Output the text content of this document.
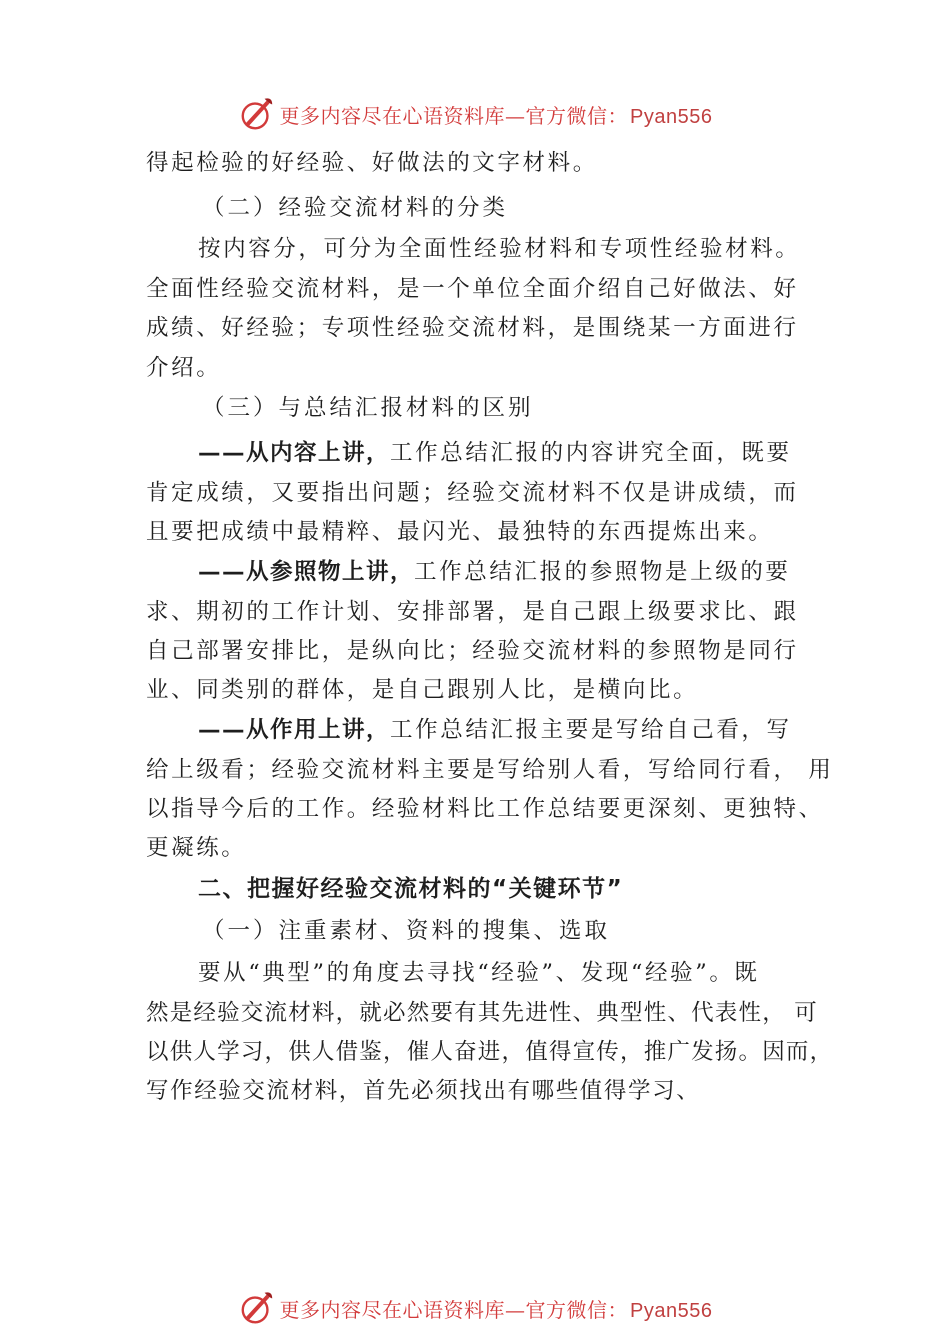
更多内容尽在心语资料库—官方微信： Pyan556
得起检验的好经验、好做法的文字材料。
（二）经验交流材料的分类
按内容分，可分为全面性经验材料和专项性经验材料。
全面性经验交流材料，是一个单位全面介绍自己好做法、好
成绩、好经验；专项性经验交流材料，是围绕某一方面进行
介绍。
（三）与总结汇报材料的区别
——从内容上讲，工作总结汇报的内容讲究全面，既要
肯定成绩，又要指出问题；经验交流材料不仅是讲成绩，而
且要把成绩中最精粹、最闪光、最独特的东西提炼出来。
——从参照物上讲，工作总结汇报的参照物是上级的要
求、期初的工作计划、安排部署，是自己跟上级要求比、跟
自己部署安排比，是纵向比；经验交流材料的参照物是同行
业、同类别的群体，是自己跟别人比，是横向比。
——从作用上讲，工作总结汇报主要是写给自己看，写
给上级看；经验交流材料主要是写给别人看，写给同行看， 用
以指导今后的工作。经验材料比工作总结要更深刻、更独特、
更凝练。
二、把握好经验交流材料的“关键环节”
（一）注重素材、资料的搜集、选取
要从“典型”的角度去寻找“经验”、发现“经验”。既
然是经验交流材料，就必然要有其先进性、典型性、代表性， 可
以供人学习，供人借鉴，催人奋进，值得宣传，推广发扬。因而，
写作经验交流材料，首先必须找出有哪些值得学习、
更多内容尽在心语资料库—官方微信： Pyan556
